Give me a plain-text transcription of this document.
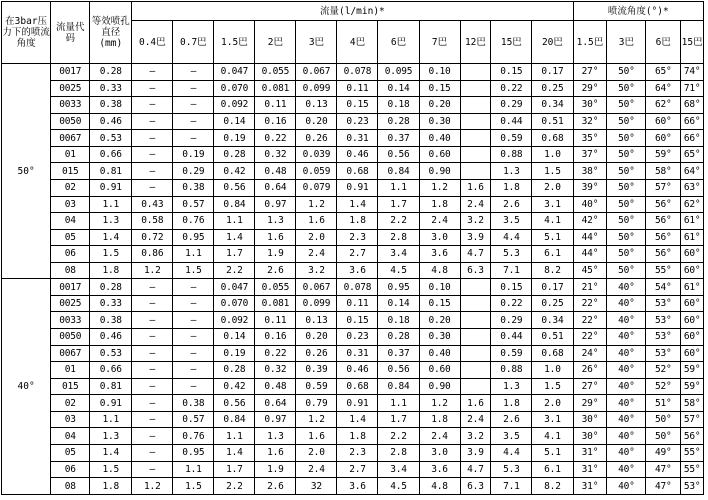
在3bar压力下的喷流角度	流量代码	等效喷孔直径(mm)	流量(l/min)*											喷流角度(°)*			
			0.4巴	0.7巴	1.5巴	2巴	3巴	4巴	6巴	7巴	12巴	15巴	20巴	1.5巴	3巴	6巴	15巴
50°	0017	0.28	–	–	0.047	0.055	0.067	0.078	0.095	0.10		0.15	0.17	27°	50°	65°	74°
	0025	0.33	–	–	0.070	0.081	0.099	0.11	0.14	0.15		0.22	0.25	29°	50°	64°	71°
	0033	0.38	–	–	0.092	0.11	0.13	0.15	0.18	0.20		0.29	0.34	30°	50°	62°	68°
	0050	0.46	–	–	0.14	0.16	0.20	0.23	0.28	0.30		0.44	0.51	32°	50°	60°	66°
	0067	0.53	–	–	0.19	0.22	0.26	0.31	0.37	0.40		0.59	0.68	35°	50°	60°	66°
	01	0.66	–	0.19	0.28	0.32	0.039	0.46	0.56	0.60		0.88	1.0	37°	50°	59°	65°
	015	0.81	–	0.29	0.42	0.48	0.059	0.68	0.84	0.90		1.3	1.5	38°	50°	58°	64°
	02	0.91	–	0.38	0.56	0.64	0.079	0.91	1.1	1.2	1.6	1.8	2.0	39°	50°	57°	63°
	03	1.1	0.43	0.57	0.84	0.97	1.2	1.4	1.7	1.8	2.4	2.6	3.1	40°	50°	56°	62°
	04	1.3	0.58	0.76	1.1	1.3	1.6	1.8	2.2	2.4	3.2	3.5	4.1	42°	50°	56°	61°
	05	1.4	0.72	0.95	1.4	1.6	2.0	2.3	2.8	3.0	3.9	4.4	5.1	44°	50°	56°	61°
	06	1.5	0.86	1.1	1.7	1.9	2.4	2.7	3.4	3.6	4.7	5.3	6.1	44°	50°	56°	60°
	08	1.8	1.2	1.5	2.2	2.6	3.2	3.6	4.5	4.8	6.3	7.1	8.2	45°	50°	55°	60°
40°	0017	0.28	–	–	0.047	0.055	0.067	0.078	0.95	0.10		0.15	0.17	21°	40°	54°	61°
	0025	0.33	–	–	0.070	0.081	0.099	0.11	0.14	0.15		0.22	0.25	22°	40°	53°	60°
	0033	0.38	–	–	0.092	0.11	0.13	0.15	0.18	0.20		0.29	0.34	22°	40°	53°	60°
	0050	0.46	–	–	0.14	0.16	0.20	0.23	0.28	0.30		0.44	0.51	22°	40°	53°	60°
	0067	0.53	–	–	0.19	0.22	0.26	0.31	0.37	0.40		0.59	0.68	24°	40°	53°	60°
	01	0.66	–	–	0.28	0.32	0.39	0.46	0.56	0.60		0.88	1.0	26°	40°	52°	59°
	015	0.81	–	–	0.42	0.48	0.59	0.68	0.84	0.90		1.3	1.5	27°	40°	52°	59°
	02	0.91	–	0.38	0.56	0.64	0.79	0.91	1.1	1.2	1.6	1.8	2.0	29°	40°	51°	58°
	03	1.1	–	0.57	0.84	0.97	1.2	1.4	1.7	1.8	2.4	2.6	3.1	30°	40°	50°	57°
	04	1.3	–	0.76	1.1	1.3	1.6	1.8	2.2	2.4	3.2	3.5	4.1	30°	40°	50°	56°
	05	1.4	–	0.95	1.4	1.6	2.0	2.3	2.8	3.0	3.9	4.4	5.1	31°	40°	49°	55°
	06	1.5	–	1.1	1.7	1.9	2.4	2.7	3.4	3.6	4.7	5.3	6.1	31°	40°	47°	55°
	08	1.8	1.2	1.5	2.2	2.6	32	3.6	4.5	4.8	6.3	7.1	8.2	31°	40°	47°	53°
